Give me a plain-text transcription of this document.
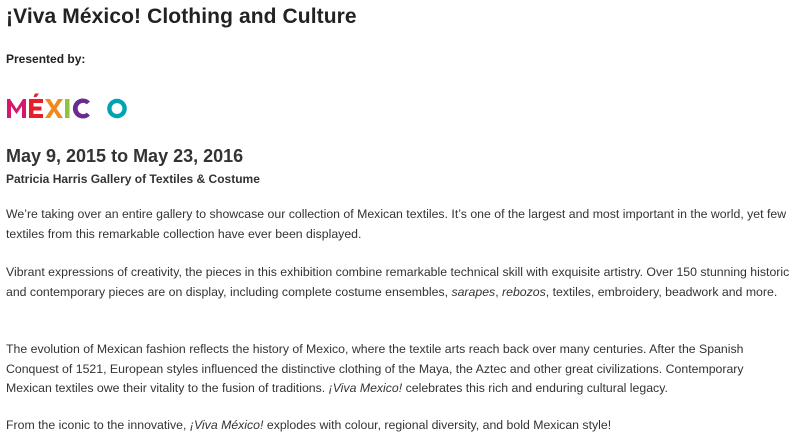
¡Viva México! Clothing and Culture

Presented by:

May 9, 2015 to May 23, 2016

Patricia Harris Gallery of Textiles & Costume

We’re taking over an entire gallery to showcase our collection of Mexican textiles. It’s one of the largest and most important in the world, yet few textiles from this remarkable collection have ever been displayed.

Vibrant expressions of creativity, the pieces in this exhibition combine remarkable technical skill with exquisite artistry. Over 150 stunning historic and contemporary pieces are on display, including complete costume ensembles, sarapes, rebozos, textiles, embroidery, beadwork and more.

The evolution of Mexican fashion reflects the history of Mexico, where the textile arts reach back over many centuries. After the Spanish Conquest of 1521, European styles influenced the distinctive clothing of the Maya, the Aztec and other great civilizations. Contemporary Mexican textiles owe their vitality to the fusion of traditions. ¡Viva Mexico! celebrates this rich and enduring cultural legacy.

From the iconic to the innovative, ¡Viva México! explodes with colour, regional diversity, and bold Mexican style!
